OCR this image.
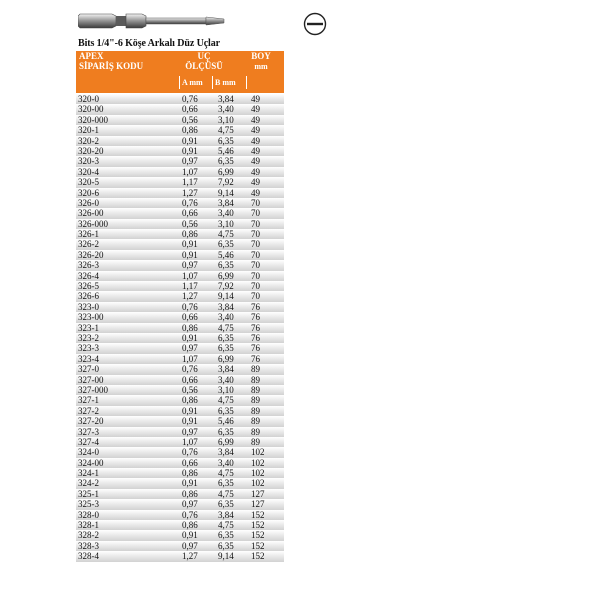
Bits 1/4"-6 Köşe Arkalı Düz Uçlar
APEX
SİPARİŞ KODU
UÇ
ÖLÇÜSÜ
BOY
mm
A mm	B mm
320-0	0,76 3,84 49
320-00	0,66 3,40 49
320-000	0,56 3,10 49
320-1	0,86 4,75 49
320-2	0,91 6,35 49
320-20	0,91 5,46 49
320-3	0,97 6,35 49
320-4	1,07 6,99 49
320-5	1,17 7,92 49
320-6	1,27 9,14 49
326-0	0,76 3,84 70
326-00	0,66 3,40 70
326-000	0,56 3,10 70
326-1	0,86 4,75 70
326-2	0,91 6,35 70
326-20	0,91 5,46 70
326-3	0,97 6,35 70
326-4	1,07 6,99 70
326-5	1,17 7,92 70
326-6	1,27 9,14 70
323-0	0,76 3,84 76
323-00	0,66 3,40 76
323-1	0,86 4,75 76
323-2	0,91 6,35 76
323-3	0,97 6,35 76
323-4	1,07 6,99 76
327-0	0,76 3,84 89
327-00	0,66 3,40 89
327-000	0,56 3,10 89
327-1	0,86 4,75 89
327-2	0,91 6,35 89
327-20	0,91 5,46 89
327-3	0,97 6,35 89
327-4	1,07 6,99 89
324-0	0,76 3,84 102
324-00	0,66 3,40 102
324-1	0,86 4,75 102
324-2	0,91 6,35 102
325-1	0,86 4,75 127
325-3	0,97 6,35 127
328-0	0,76 3,84 152
328-1	0,86 4,75 152
328-2	0,91 6,35 152
328-3	0,97 6,35 152
328-4	1,27 9,14 152
